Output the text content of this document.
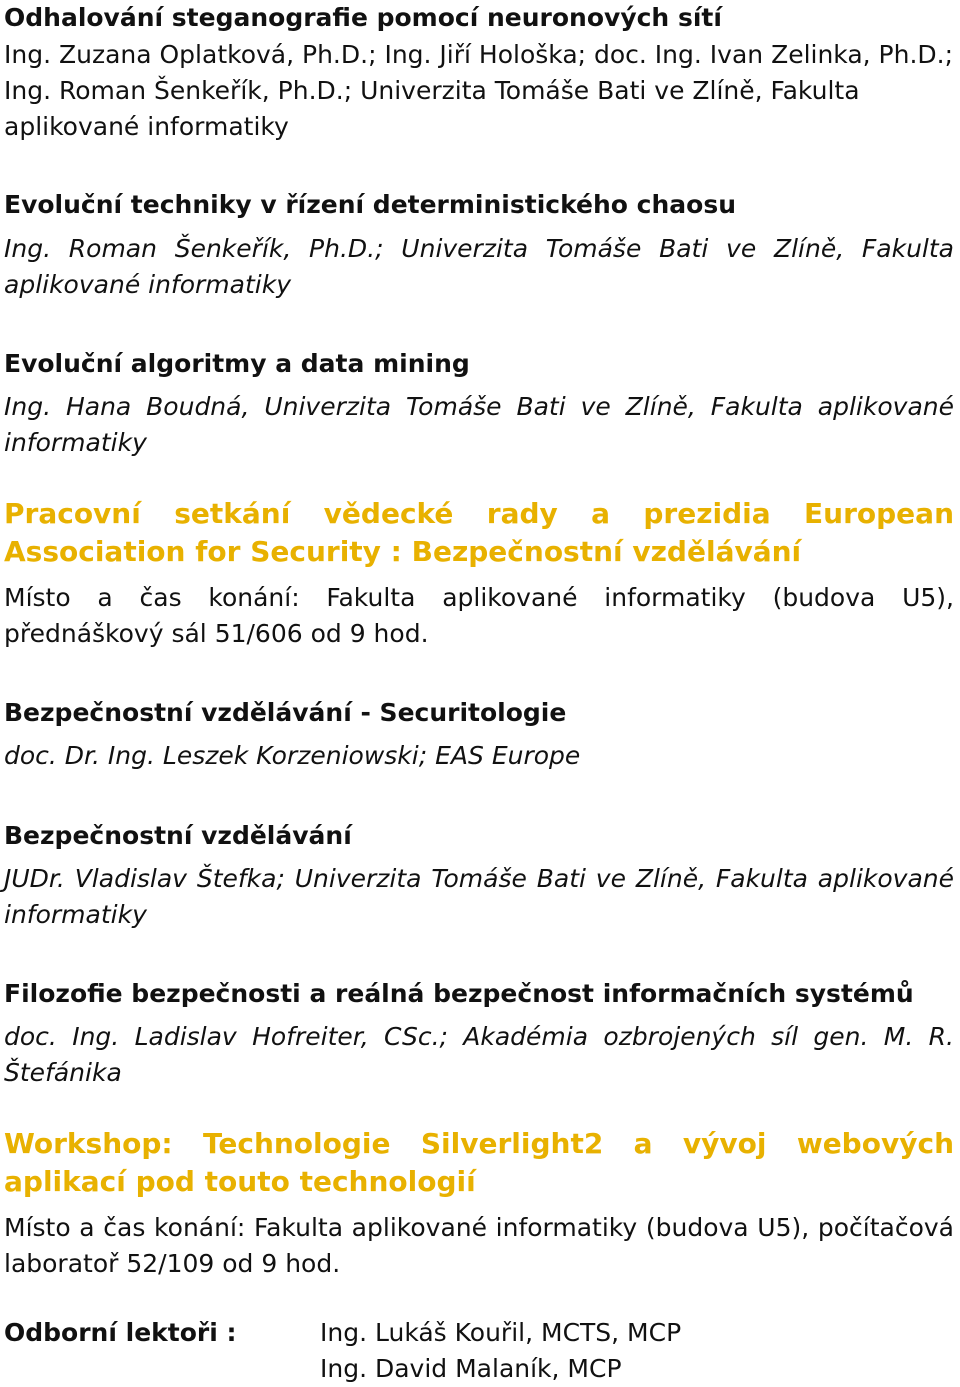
Odhalování steganografie pomocí neuronových sítí
Ing. Zuzana Oplatková, Ph.D.; Ing. Jiří Hološka; doc. Ing. Ivan Zelinka, Ph.D.; Ing. Roman Šenkeřík, Ph.D.; Univerzita Tomáše Bati ve Zlíně, Fakulta aplikované informatiky
Evoluční techniky v řízení deterministického chaosu
Ing. Roman Šenkeřík, Ph.D.; Univerzita Tomáše Bati ve Zlíně, Fakulta aplikované informatiky
Evoluční algoritmy a data mining
Ing. Hana Boudná, Univerzita Tomáše Bati ve Zlíně, Fakulta aplikované informatiky
Pracovní setkání vědecké rady a prezidia European Association for Security : Bezpečnostní vzdělávání
Místo a čas konání: Fakulta aplikované informatiky (budova U5), přednáškový sál 51/606 od 9 hod.
Bezpečnostní vzdělávání - Securitologie
doc. Dr. Ing. Leszek Korzeniowski; EAS Europe
Bezpečnostní vzdělávání
JUDr. Vladislav Štefka; Univerzita Tomáše Bati ve Zlíně, Fakulta aplikované informatiky
Filozofie bezpečnosti a reálná bezpečnost informačních systémů
doc. Ing. Ladislav Hofreiter, CSc.; Akadémia ozbrojených síl gen. M. R. Štefánika
Workshop: Technologie Silverlight2 a vývoj webových aplikací pod touto technologií
Místo a čas konání: Fakulta aplikované informatiky (budova U5), počítačová laboratoř 52/109 od 9 hod.
Odborní lektoři :	Ing. Lukáš Kouřil, MCTS, MCP
Ing. David Malaník, MCP
